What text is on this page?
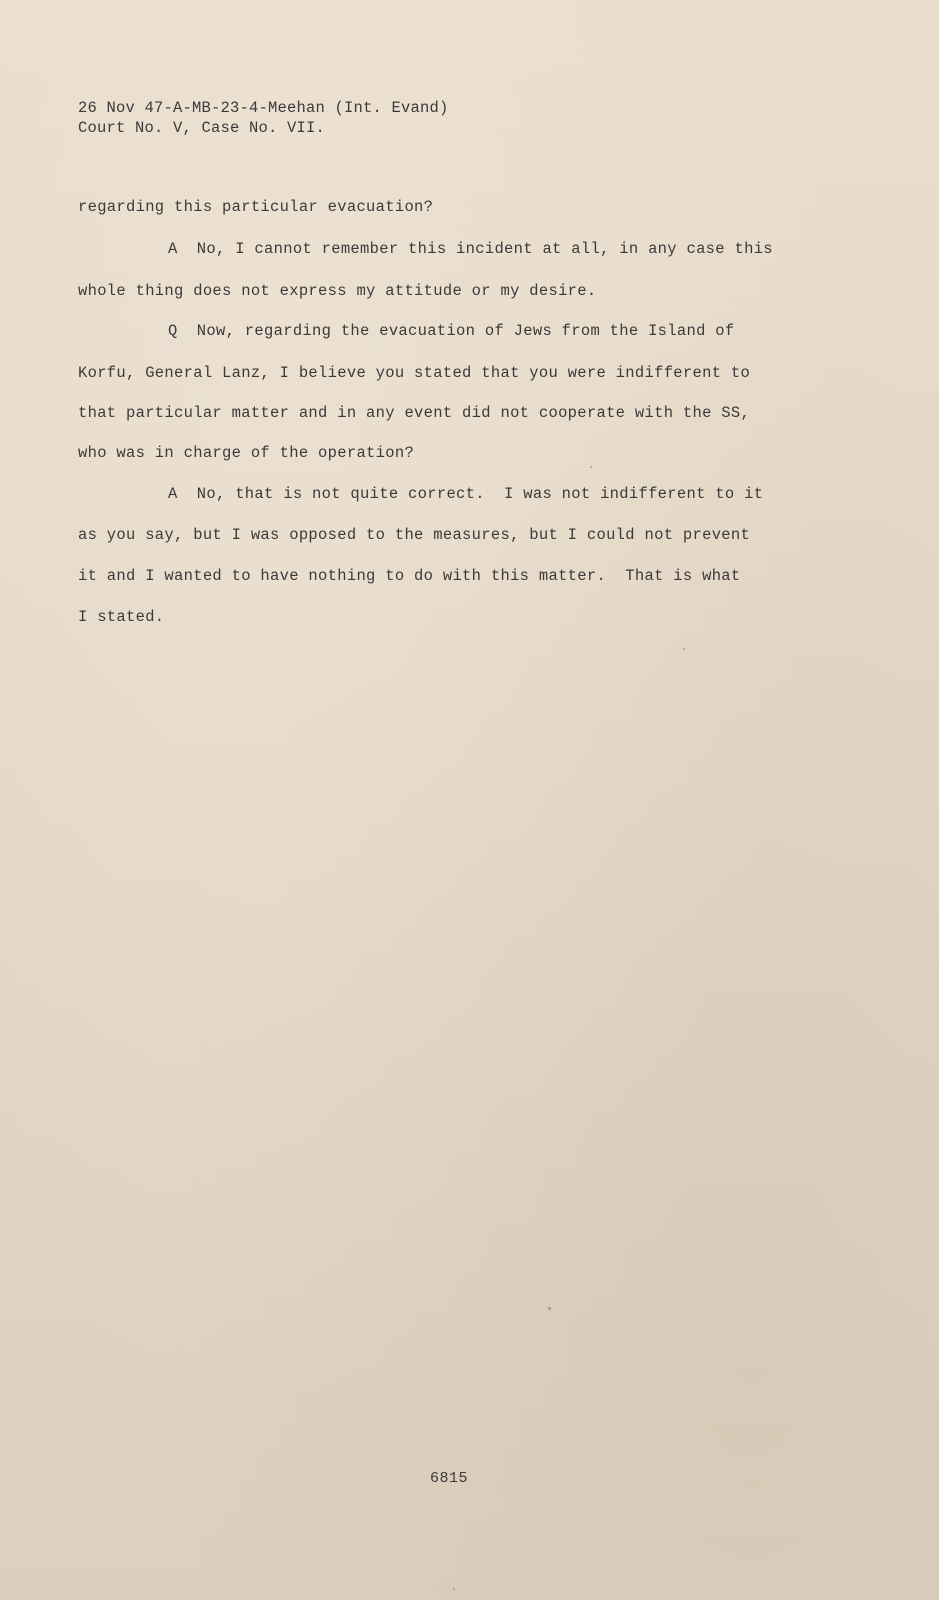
26 Nov 47-A-MB-23-4-Meehan (Int. Evand)
Court No. V, Case No. VII.
regarding this particular evacuation?
A  No, I cannot remember this incident at all, in any case this
whole thing does not express my attitude or my desire.
Q  Now, regarding the evacuation of Jews from the Island of
Korfu, General Lanz, I believe you stated that you were indifferent to
that particular matter and in any event did not cooperate with the SS,
who was in charge of the operation?
A  No, that is not quite correct.  I was not indifferent to it
as you say, but I was opposed to the measures, but I could not prevent
it and I wanted to have nothing to do with this matter.  That is what
I stated.
6815
